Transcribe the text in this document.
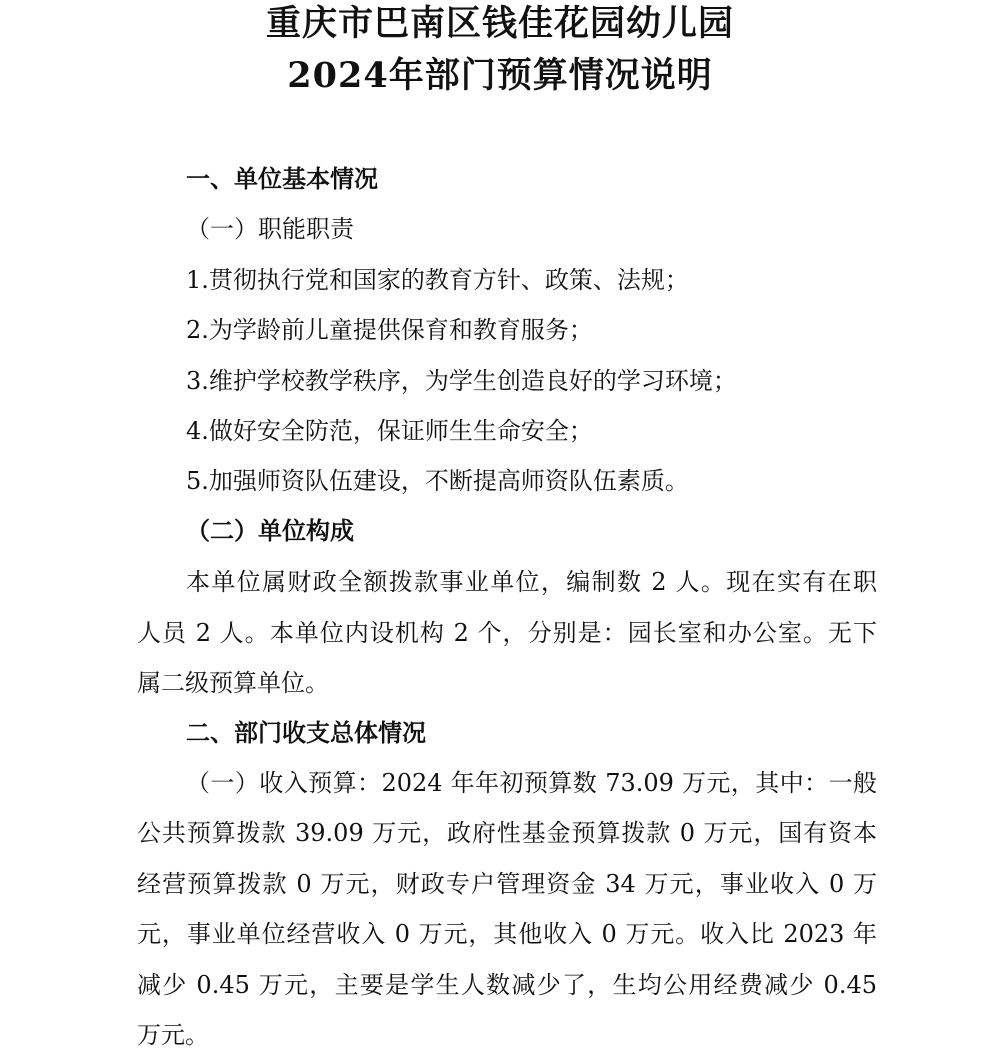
重庆市巴南区钱佳花园幼儿园
2024年部门预算情况说明
一、单位基本情况
（一）职能职责
1.贯彻执行党和国家的教育方针、政策、法规；
2.为学龄前儿童提供保育和教育服务；
3.维护学校教学秩序，为学生创造良好的学习环境；
4.做好安全防范，保证师生生命安全；
5.加强师资队伍建设，不断提高师资队伍素质。
（二）单位构成
本单位属财政全额拨款事业单位，编制数 2 人。现在实有在职
人员 2 人。本单位内设机构 2 个，分别是：园长室和办公室。无下
属二级预算单位。
二、部门收支总体情况
（一）收入预算：2024 年年初预算数 73.09 万元，其中：一般
公共预算拨款 39.09 万元，政府性基金预算拨款 0 万元，国有资本
经营预算拨款 0 万元，财政专户管理资金 34 万元，事业收入 0 万
元，事业单位经营收入 0 万元，其他收入 0 万元。收入比 2023 年
减少 0.45 万元，主要是学生人数减少了，生均公用经费减少 0.45
万元。
